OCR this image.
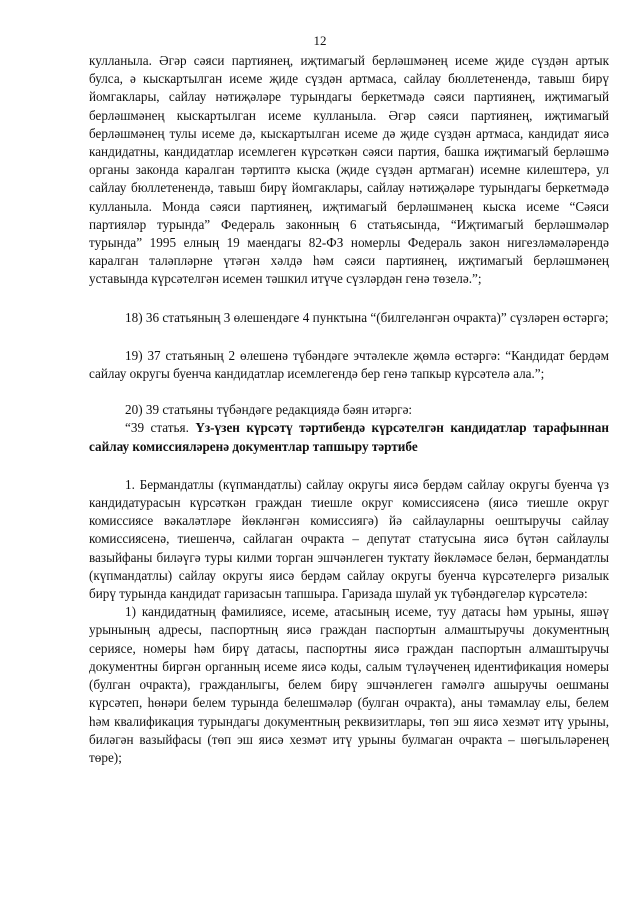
12

кулланыла. Әгәр сәяси партиянең, иҗтимагый берләшмәнең исеме җиде сүздән артык булса, ә кыскартылган исеме җиде сүздән артмаса, сайлау бюллетенендә, тавыш бирү йомгаклары, сайлау нәтиҗәләре турындагы беркетмәдә сәяси партиянең, иҗтимагый берләшмәнең кыскартылган исеме кулланыла. Әгәр сәяси партиянең, иҗтимагый берләшмәнең тулы исеме дә, кыскартылган исеме дә җиде сүздән артмаса, кандидат яисә кандидатны, кандидатлар исемлеген күрсәткән сәяси партия, башка иҗтимагый берләшмә органы законда каралган тәртиптә кыска (җиде сүздән артмаган) исемне килештерә, ул сайлау бюллетенендә, тавыш бирү йомгаклары, сайлау нәтиҗәләре турындагы беркетмәдә кулланыла. Монда сәяси партиянең, иҗтимагый берләшмәнең кыска исеме “Сәяси партияләр турында” Федераль законның 6 статьясында, “Иҗтимагый берләшмәләр турында” 1995 елның 19 маендагы 82-ФЗ номерлы Федераль закон нигезләмәләрендә каралган таләпләрне үтәгән хәлдә һәм сәяси партиянең, иҗтимагый берләшмәнең уставында күрсәтелгән исемен тәшкил итүче сүзләрдән генә төзелә.”;

18) 36 статьяның 3 өлешендәге 4 пунктына “(билгеләнгән очракта)” сүзләрен өстәргә;

19) 37 статьяның 2 өлешенә түбәндәге эчтәлекле җөмлә өстәргә: “Кандидат бердәм сайлау округы буенча кандидатлар исемлегендә бер генә тапкыр күрсәтелә ала.”;

20) 39 статьяны түбәндәге редакциядә бәян итәргә:

“39 статья. Үз-үзен күрсәтү тәртибендә күрсәтелгән кандидатлар тарафыннан сайлау комиссияләренә документлар тапшыру тәртибе

1. Бермандатлы (күпмандатлы) сайлау округы яисә бердәм сайлау округы буенча үз кандидатурасын күрсәткән граждан тиешле округ комиссиясенә (яисә тиешле округ комиссиясе вәкаләтләре йөкләнгән комиссиягә) йә сайлауларны оештыручы сайлау комиссиясенә, тиешенчә, сайлаган очракта – депутат статусына яисә бүтән сайлаулы вазыйфаны биләүгә туры килми торган эшчәнлеген туктату йөкләмәсе белән, бермандатлы (күпмандатлы) сайлау округы яисә бердәм сайлау округы буенча күрсәтелергә ризалык бирү турында кандидат гаризасын тапшыра. Гаризада шулай ук түбәндәгеләр күрсәтелә:

1) кандидатның фамилиясе, исеме, атасының исеме, туу датасы һәм урыны, яшәү урынының адресы, паспортның яисә граждан паспортын алмаштыручы документның сериясе, номеры һәм бирү датасы, паспортны яисә граждан паспортын алмаштыручы документны биргән органның исеме яисә коды, салым түләүченең идентификация номеры (булган очракта), гражданлыгы, белем бирү эшчәнлеген гамәлгә ашыручы оешманы күрсәтеп, һөнәри белем турында белешмәләр (булган очракта), аны тәмамлау елы, белем һәм квалификация турындагы документның реквизитлары, төп эш яисә хезмәт итү урыны, биләгән вазыйфасы (төп эш яисә хезмәт итү урыны булмаган очракта – шөгыльләренең төре);
